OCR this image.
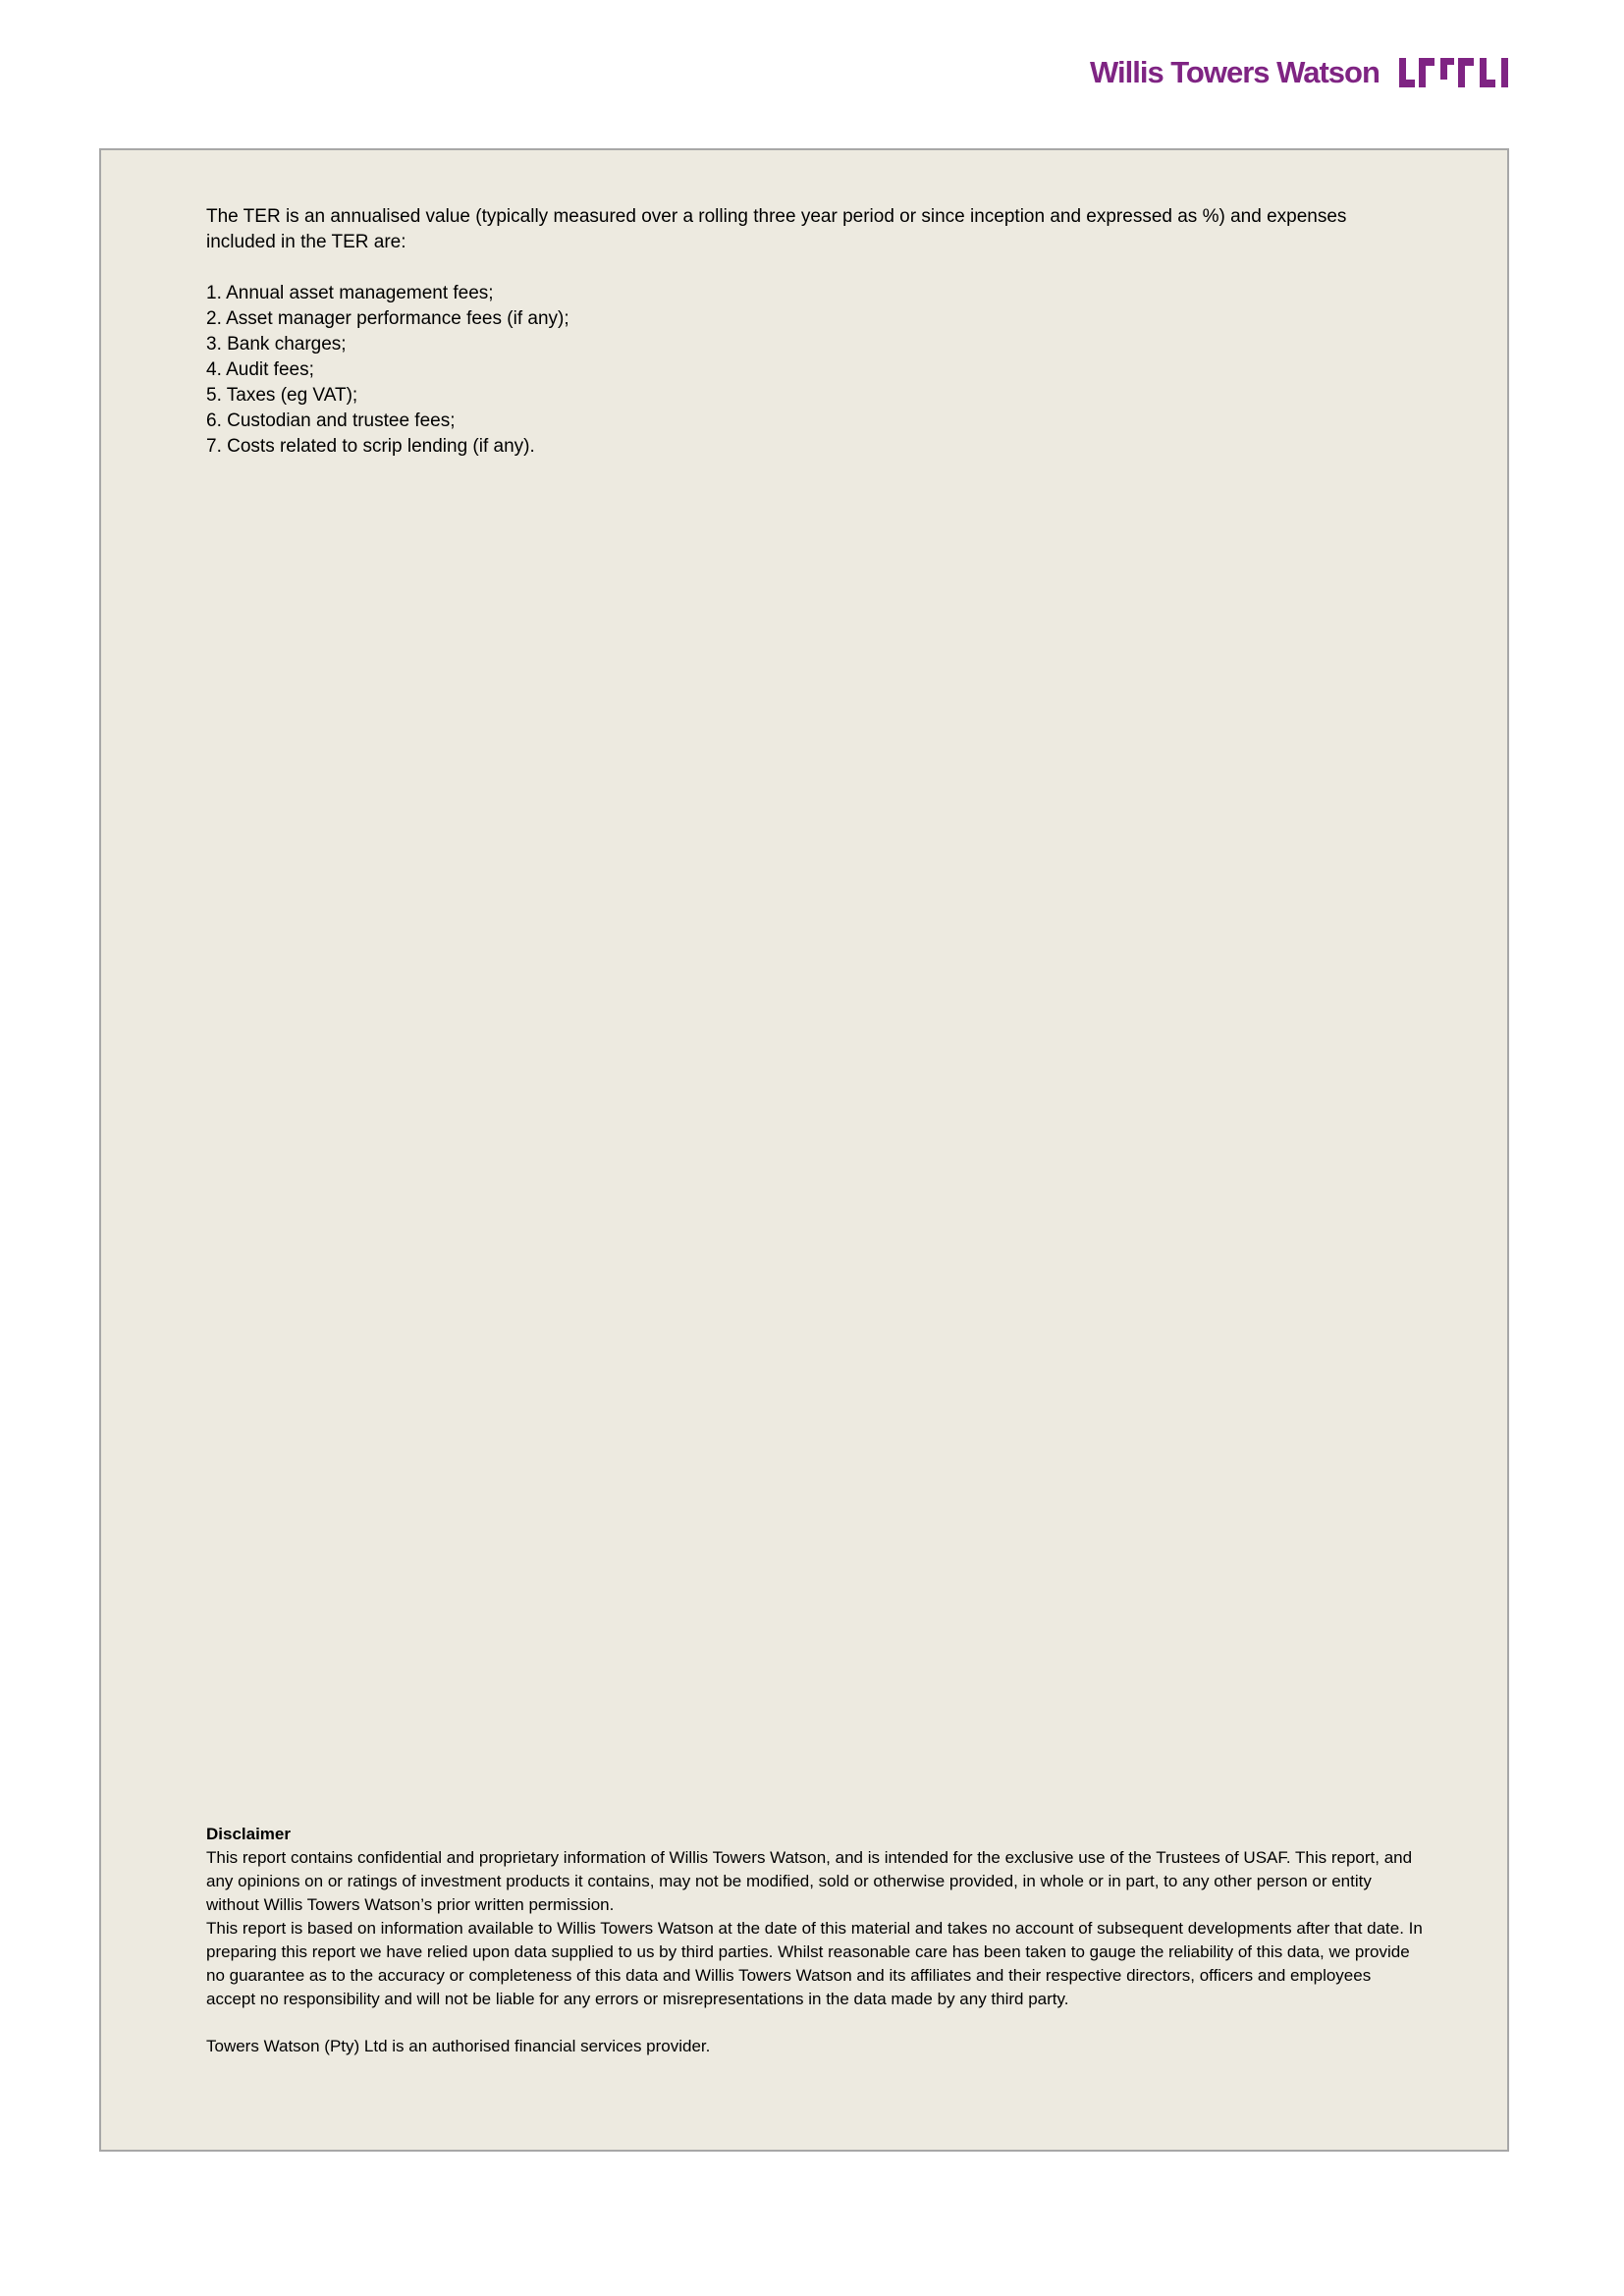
Willis Towers Watson

The TER is an annualised value (typically measured over a rolling three year period or since inception and expressed as %) and expenses included in the TER are:

1. Annual asset management fees;
2. Asset manager performance fees (if any);
3. Bank charges;
4. Audit fees;
5. Taxes (eg VAT);
6. Custodian and trustee fees;
7. Costs related to scrip lending (if any).

Disclaimer

This report contains confidential and proprietary information of Willis Towers Watson, and is intended for the exclusive use of the Trustees of USAF. This report, and any opinions on or ratings of investment products it contains, may not be modified, sold or otherwise provided, in whole or in part, to any other person or entity without Willis Towers Watson’s prior written permission.

This report is based on information available to Willis Towers Watson at the date of this material and takes no account of subsequent developments after that date. In preparing this report we have relied upon data supplied to us by third parties. Whilst reasonable care has been taken to gauge the reliability of this data, we provide no guarantee as to the accuracy or completeness of this data and Willis Towers Watson and its affiliates and their respective directors, officers and employees accept no responsibility and will not be liable for any errors or misrepresentations in the data made by any third party.

Towers Watson (Pty) Ltd is an authorised financial services provider.
